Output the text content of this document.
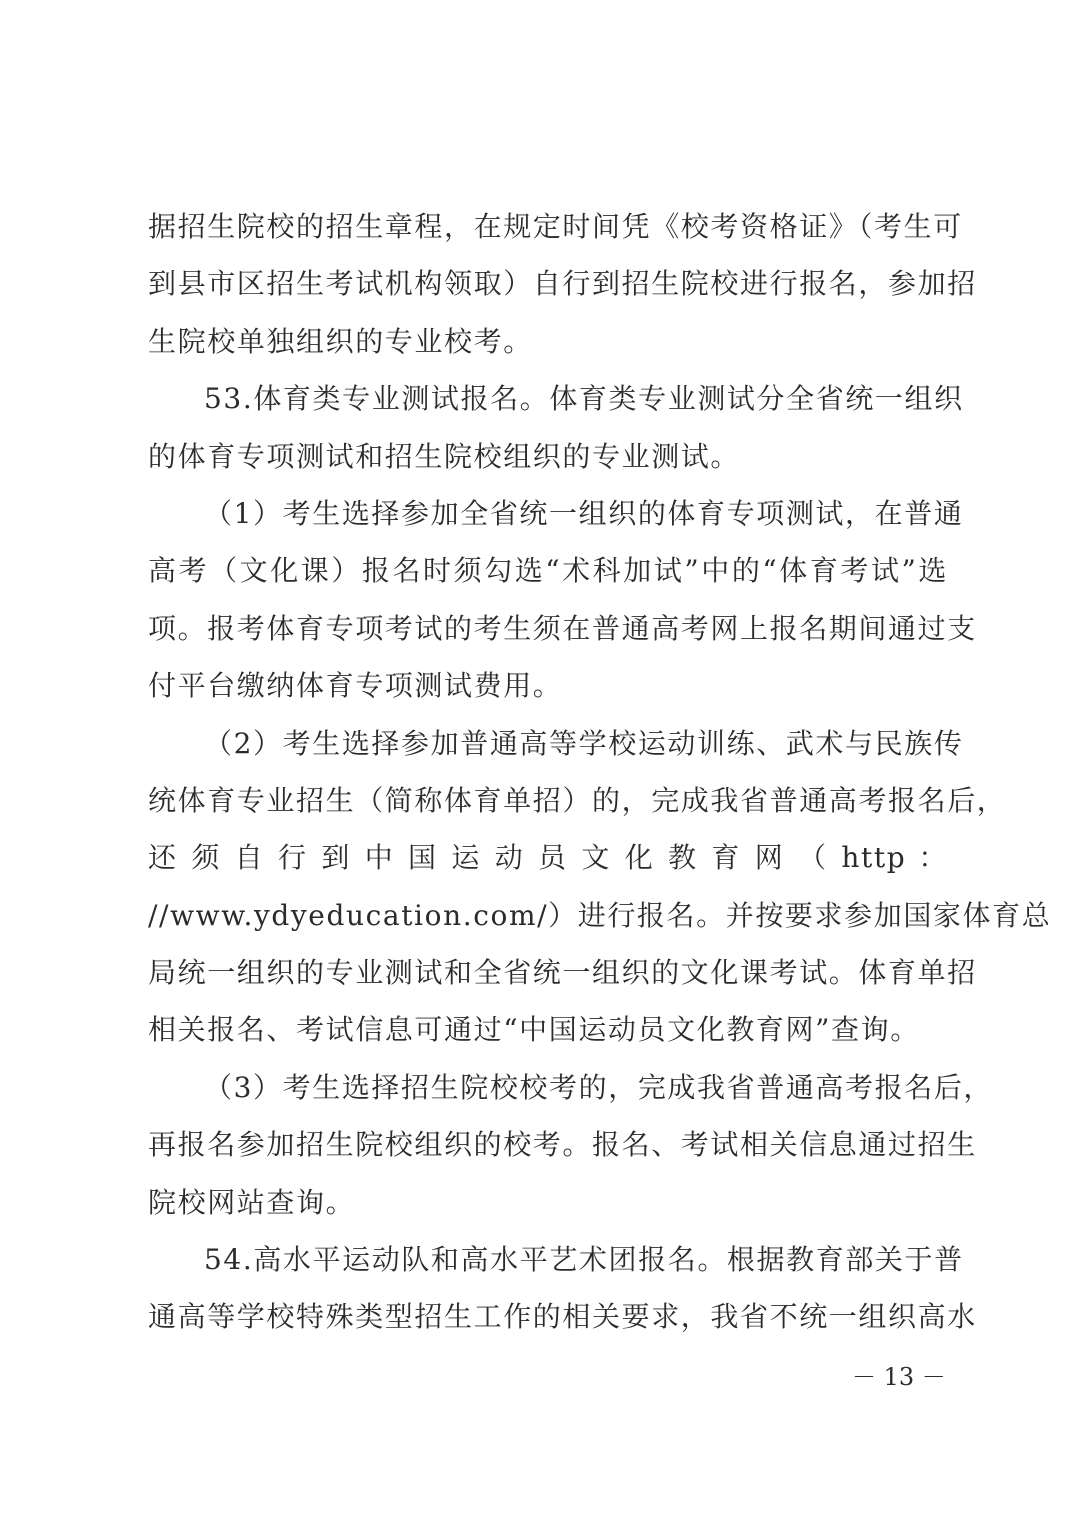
据招生院校的招生章程，在规定时间凭《校考资格证》（考生可
到县市区招生考试机构领取）自行到招生院校进行报名，参加招
生院校单独组织的专业校考。
53.体育类专业测试报名。体育类专业测试分全省统一组织
的体育专项测试和招生院校组织的专业测试。
（1）考生选择参加全省统一组织的体育专项测试，在普通
高考（文化课）报名时须勾选“术科加试”中的“体育考试”选
项。报考体育专项考试的考生须在普通高考网上报名期间通过支
付平台缴纳体育专项测试费用。
（2）考生选择参加普通高等学校运动训练、武术与民族传
统体育专业招生（简称体育单招）的，完成我省普通高考报名后，
还 须 自 行 到 中 国 运 动 员 文 化 教 育 网 （ http ：
//www.ydyeducation.com/）进行报名。并按要求参加国家体育总
局统一组织的专业测试和全省统一组织的文化课考试。体育单招
相关报名、考试信息可通过“中国运动员文化教育网”查询。
（3）考生选择招生院校校考的，完成我省普通高考报名后，
再报名参加招生院校组织的校考。报名、考试相关信息通过招生
院校网站查询。
54.高水平运动队和高水平艺术团报名。根据教育部关于普
通高等学校特殊类型招生工作的相关要求，我省不统一组织高水
－ 13 －
